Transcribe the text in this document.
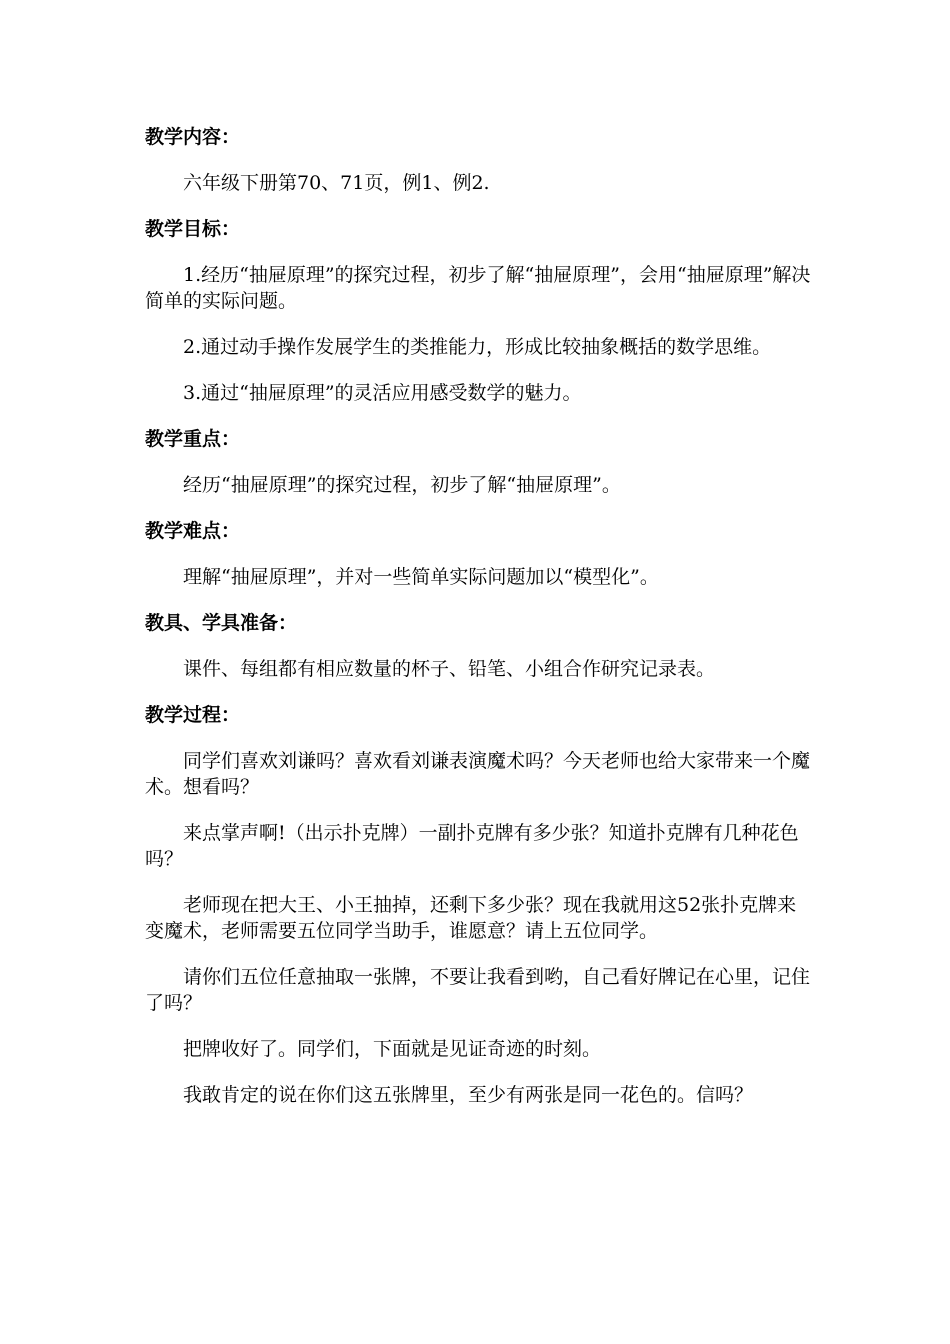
教学内容：
六年级下册第70、71页，例1、例2.
教学目标：
1.经历“抽屉原理”的探究过程，初步了解“抽屉原理”，会用“抽屉原理”解决简单的实际问题。
2.通过动手操作发展学生的类推能力，形成比较抽象概括的数学思维。
3.通过“抽屉原理”的灵活应用感受数学的魅力。
教学重点：
经历“抽屉原理”的探究过程，初步了解“抽屉原理”。
教学难点：
理解“抽屉原理”，并对一些简单实际问题加以“模型化”。
教具、学具准备：
课件、每组都有相应数量的杯子、铅笔、小组合作研究记录表。
教学过程：
同学们喜欢刘谦吗？喜欢看刘谦表演魔术吗？今天老师也给大家带来一个魔术。想看吗？
来点掌声啊!（出示扑克牌）一副扑克牌有多少张？知道扑克牌有几种花色吗？
老师现在把大王、小王抽掉，还剩下多少张？现在我就用这52张扑克牌来变魔术，老师需要五位同学当助手，谁愿意？请上五位同学。
请你们五位任意抽取一张牌，不要让我看到哟，自己看好牌记在心里，记住了吗？
把牌收好了。同学们，下面就是见证奇迹的时刻。
我敢肯定的说在你们这五张牌里，至少有两张是同一花色的。信吗？
